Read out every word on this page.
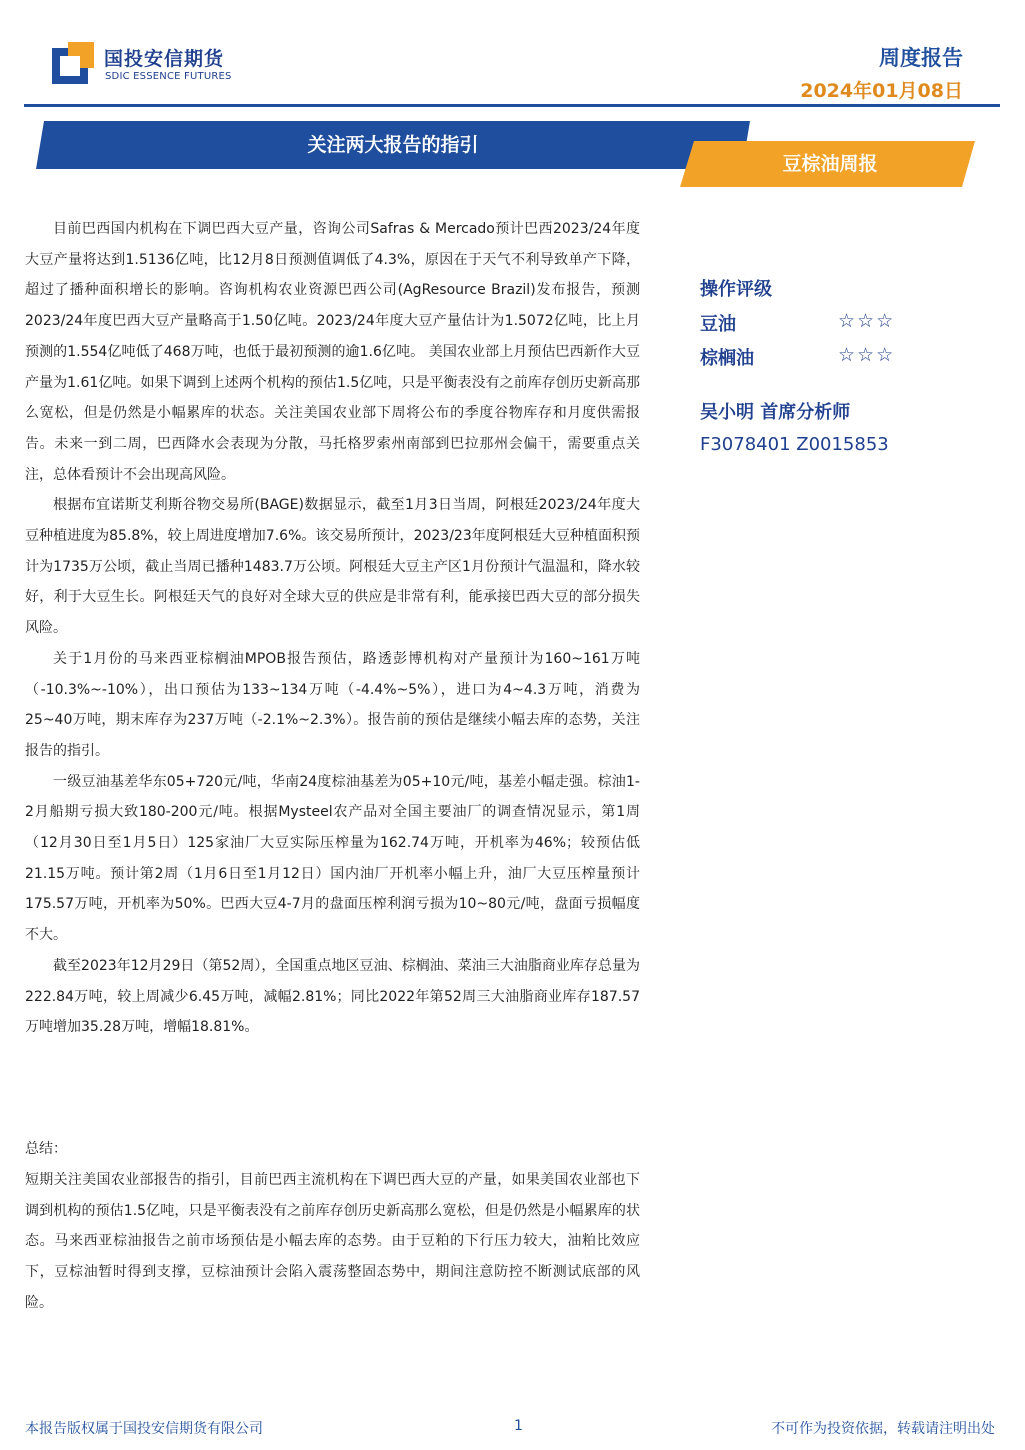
国投安信期货
SDIC ESSENCE FUTURES
周度报告
2024年01月08日
关注两大报告的指引
豆棕油周报

目前巴西国内机构在下调巴西大豆产量，咨询公司Safras & Mercado预计巴西2023/24年度大豆产量将达到1.5136亿吨，比12月8日预测值调低了4.3%，原因在于天气不利导致单产下降，超过了播种面积增长的影响。咨询机构农业资源巴西公司(AgResource Brazil)发布报告，预测2023/24年度巴西大豆产量略高于1.50亿吨。2023/24年度大豆产量估计为1.5072亿吨，比上月预测的1.554亿吨低了468万吨，也低于最初预测的逾1.6亿吨。 美国农业部上月预估巴西新作大豆产量为1.61亿吨。如果下调到上述两个机构的预估1.5亿吨，只是平衡表没有之前库存创历史新高那么宽松，但是仍然是小幅累库的状态。关注美国农业部下周将公布的季度谷物库存和月度供需报告。未来一到二周，巴西降水会表现为分散，马托格罗索州南部到巴拉那州会偏干，需要重点关注，总体看预计不会出现高风险。

根据布宜诺斯艾利斯谷物交易所(BAGE)数据显示，截至1月3日当周，阿根廷2023/24年度大豆种植进度为85.8%，较上周进度增加7.6%。该交易所预计，2023/23年度阿根廷大豆种植面积预计为1735万公顷，截止当周已播种1483.7万公顷。阿根廷大豆主产区1月份预计气温温和，降水较好，利于大豆生长。阿根廷天气的良好对全球大豆的供应是非常有利，能承接巴西大豆的部分损失风险。

关于1月份的马来西亚棕榈油MPOB报告预估，路透彭博机构对产量预计为160~161万吨（-10.3%~-10%），出口预估为133~134万吨（-4.4%~5%），进口为4~4.3万吨，消费为25~40万吨，期末库存为237万吨（-2.1%~2.3%）。报告前的预估是继续小幅去库的态势，关注报告的指引。

一级豆油基差华东05+720元/吨，华南24度棕油基差为05+10元/吨，基差小幅走强。棕油1-2月船期亏损大致180-200元/吨。根据Mysteel农产品对全国主要油厂的调查情况显示，第1周（12月30日至1月5日）125家油厂大豆实际压榨量为162.74万吨，开机率为46%；较预估低21.15万吨。预计第2周（1月6日至1月12日）国内油厂开机率小幅上升，油厂大豆压榨量预计175.57万吨，开机率为50%。巴西大豆4-7月的盘面压榨利润亏损为10~80元/吨，盘面亏损幅度不大。

截至2023年12月29日（第52周），全国重点地区豆油、棕榈油、菜油三大油脂商业库存总量为222.84万吨，较上周减少6.45万吨，减幅2.81%；同比2022年第52周三大油脂商业库存187.57万吨增加35.28万吨，增幅18.81%。

总结：
短期关注美国农业部报告的指引，目前巴西主流机构在下调巴西大豆的产量，如果美国农业部也下调到机构的预估1.5亿吨，只是平衡表没有之前库存创历史新高那么宽松，但是仍然是小幅累库的状态。马来西亚棕油报告之前市场预估是小幅去库的态势。由于豆粕的下行压力较大，油粕比效应下，豆棕油暂时得到支撑，豆棕油预计会陷入震荡整固态势中，期间注意防控不断测试底部的风险。
操作评级
豆油	☆☆☆
棕榈油	☆☆☆
吴小明 首席分析师
F3078401 Z0015853
本报告版权属于国投安信期货有限公司	1	不可作为投资依据，转载请注明出处
